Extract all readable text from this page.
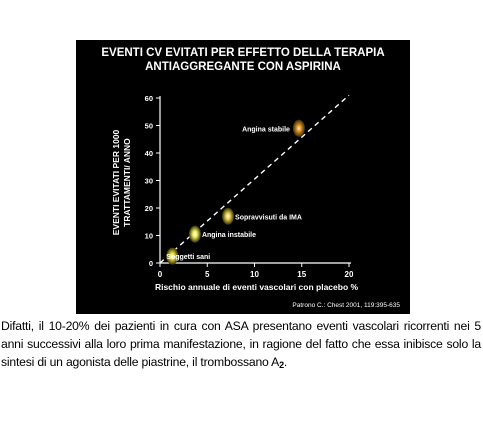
0
10
20
30
40
50
60
0	5	10	15	20
Rischio annuale di eventi vascolari con placebo %
EVENTI EVITATI PER 1000 TRATTAMENTI/ ANNO
Soggetti sani
Angina instabile
Sopravvisuti da IMA
Angina stabile
Patrono C.: Chest 2001, 119:395-635
EVENTI CV EVITATI PER EFFETTO DELLA TERAPIA
ANTIAGGREGANTE CON ASPIRINA
Difatti, il 10-20% dei pazienti in cura con ASA presentano eventi vascolari ricorrenti nei 5 anni successivi alla loro prima manifestazione, in ragione del fatto che essa inibisce solo la sintesi di un agonista delle piastrine, il trombossano $A_2$.
